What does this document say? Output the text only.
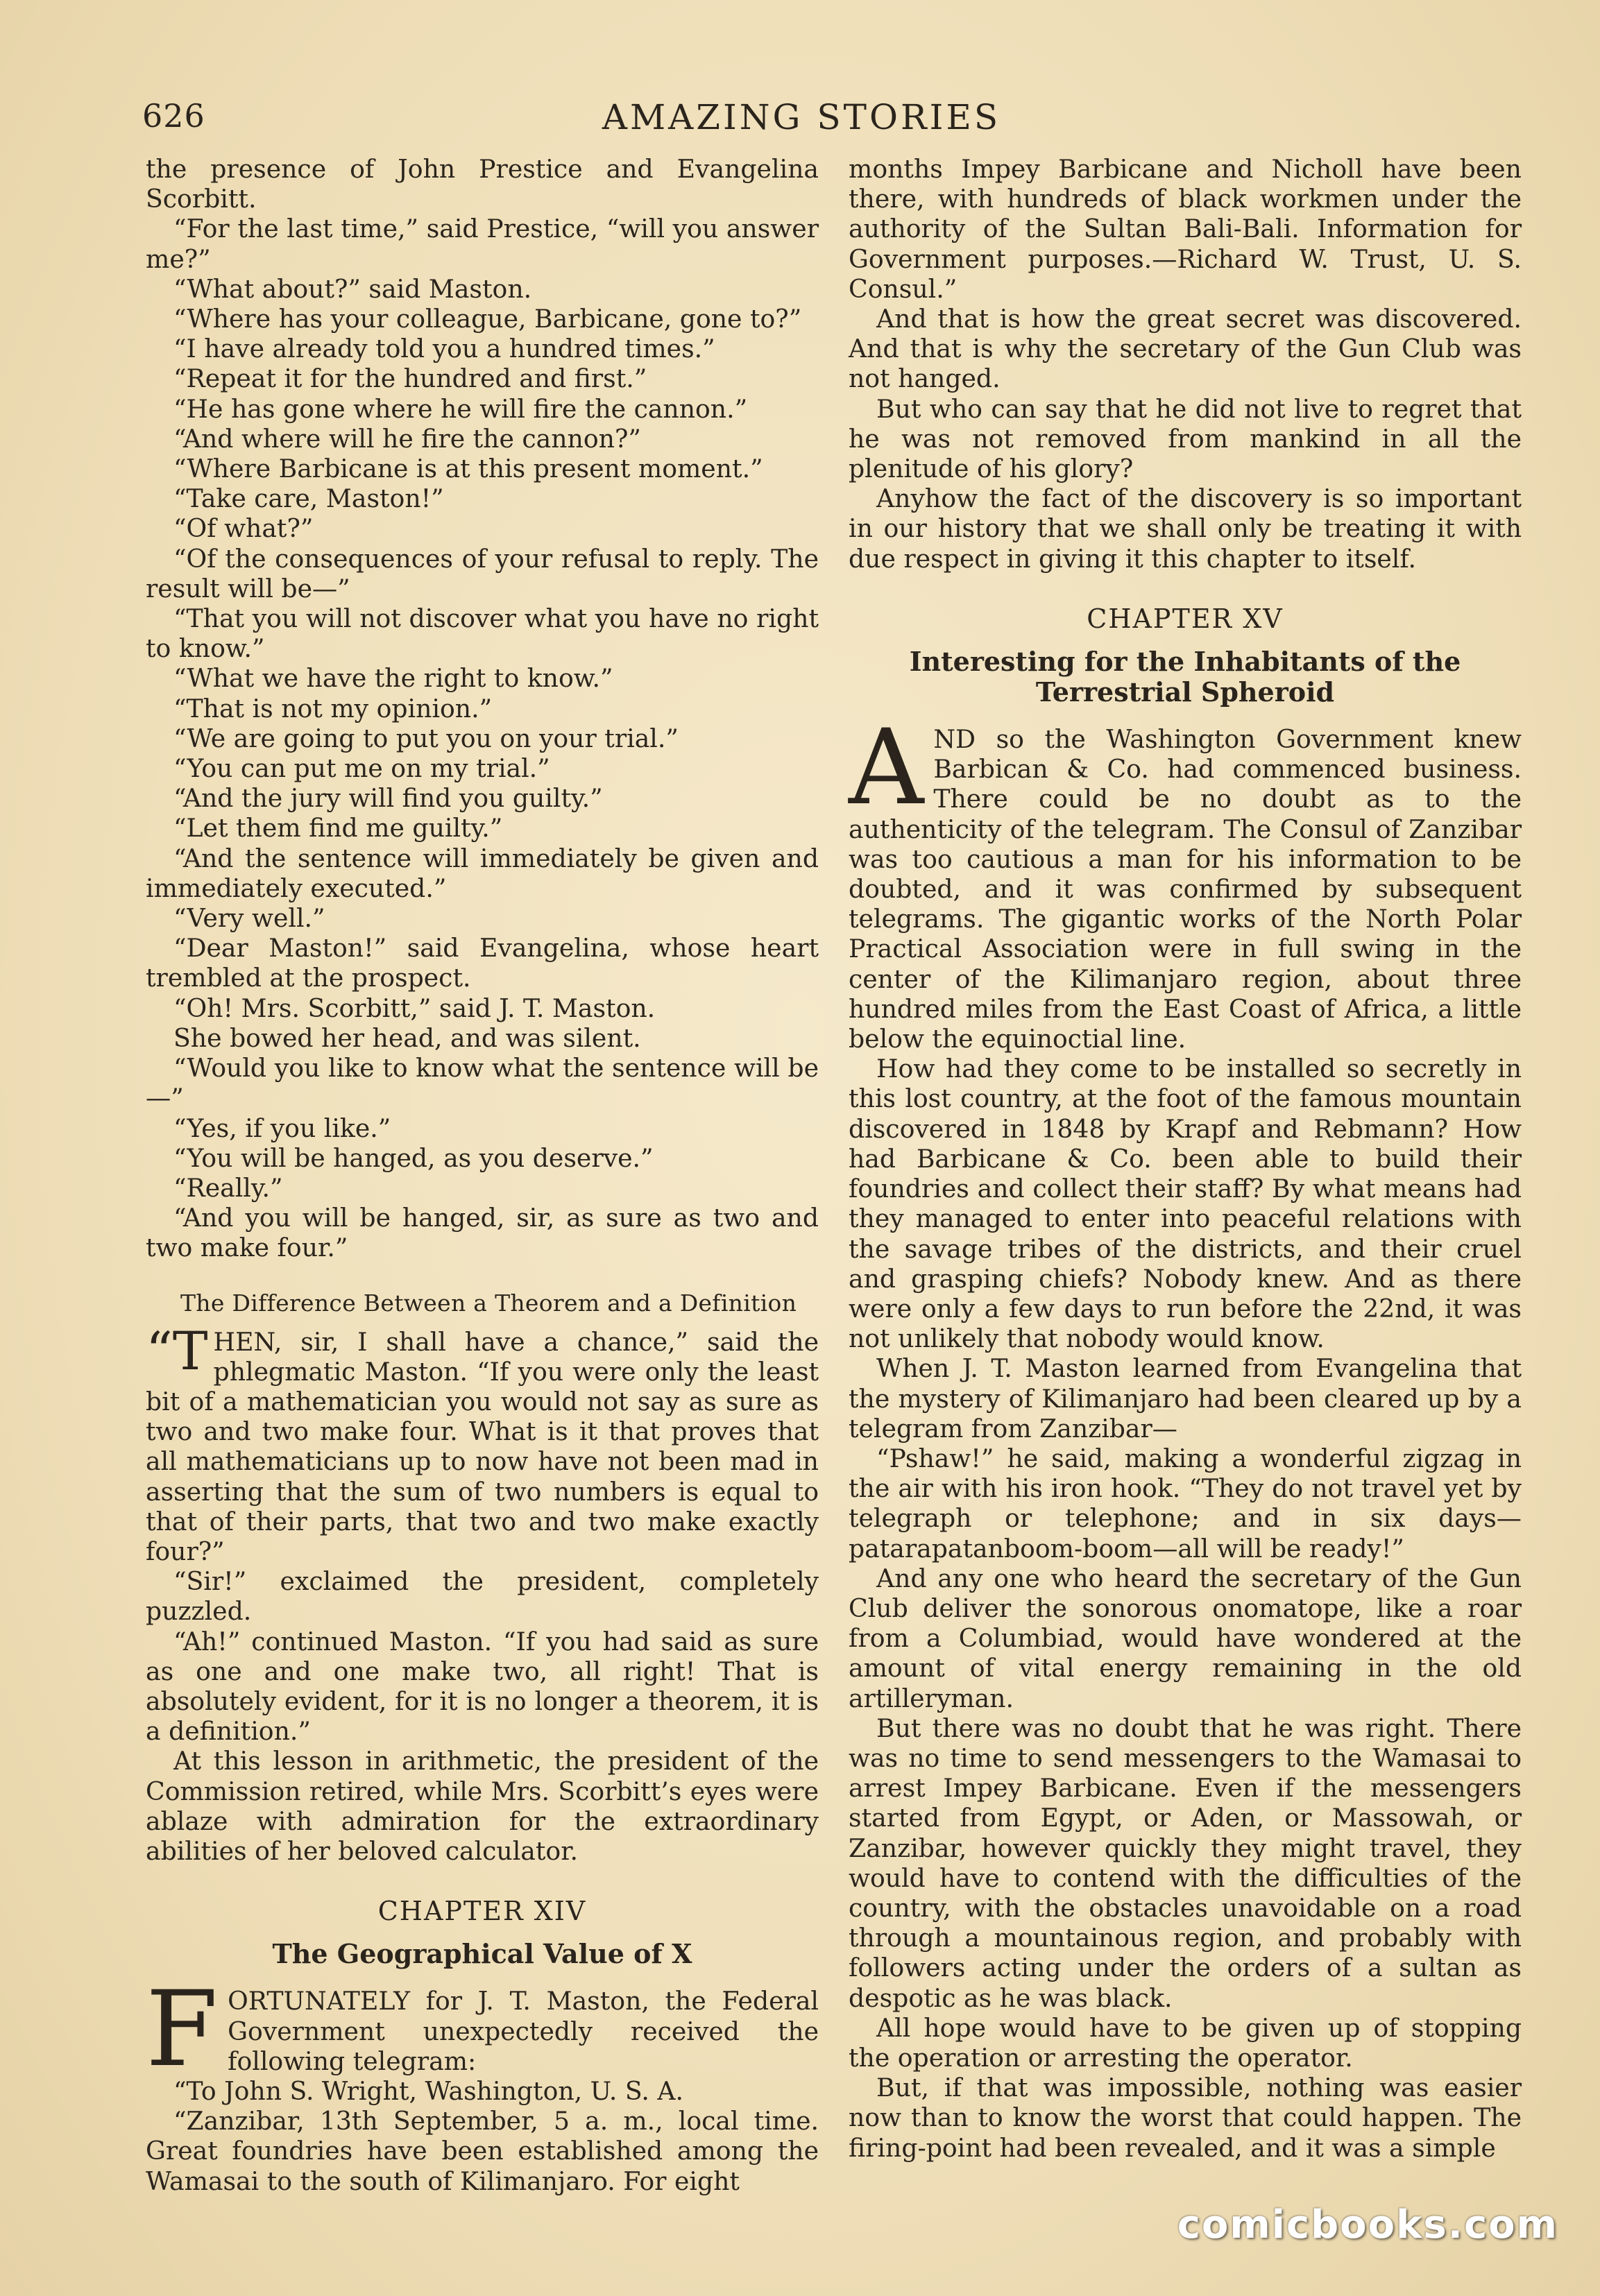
626	AMAZING STORIES

the presence of John Prestice and Evangelina Scorbitt.

“For the last time,” said Prestice, “will you answer me?”

“What about?” said Maston.

“Where has your colleague, Barbicane, gone to?”

“I have already told you a hundred times.”

“Repeat it for the hundred and first.”

“He has gone where he will fire the cannon.”

“And where will he fire the cannon?”

“Where Barbicane is at this present moment.”

“Take care, Maston!”

“Of what?”

“Of the consequences of your refusal to reply. The result will be—”

“That you will not discover what you have no right to know.”

“What we have the right to know.”

“That is not my opinion.”

“We are going to put you on your trial.”

“You can put me on my trial.”

“And the jury will find you guilty.”

“Let them find me guilty.”

“And the sentence will immediately be given and immediately executed.”

“Very well.”

“Dear Maston!” said Evangelina, whose heart trembled at the prospect.

“Oh! Mrs. Scorbitt,” said J. T. Maston.

She bowed her head, and was silent.

“Would you like to know what the sentence will be—”

“Yes, if you like.”

“You will be hanged, as you deserve.”

“Really.”

“And you will be hanged, sir, as sure as two and two make four.”

The Difference Between a Theorem and a Definition

“T HEN, sir, I shall have a chance,” said the phlegmatic Maston. “If you were only the least bit of a mathematician you would not say as sure as two and two make four. What is it that proves that all mathematicians up to now have not been mad in asserting that the sum of two numbers is equal to that of their parts, that two and two make exactly four?”

“Sir!” exclaimed the president, completely puzzled.

“Ah!” continued Maston. “If you had said as sure as one and one make two, all right! That is absolutely evident, for it is no longer a theorem, it is a definition.”

At this lesson in arithmetic, the president of the Commission retired, while Mrs. Scorbitt’s eyes were ablaze with admiration for the extraordinary abilities of her beloved calculator.

CHAPTER XIV
The Geographical Value of X

F ORTUNATELY for J. T. Maston, the Federal Government unexpectedly received the following telegram:

“To John S. Wright, Washington, U. S. A.

“Zanzibar, 13th September, 5 a. m., local time. Great foundries have been established among the Wamasai to the south of Kilimanjaro. For eight

months Impey Barbicane and Nicholl have been there, with hundreds of black workmen under the authority of the Sultan Bali-Bali. Information for Government purposes.—Richard W. Trust, U. S. Consul.”

And that is how the great secret was discovered. And that is why the secretary of the Gun Club was not hanged.

But who can say that he did not live to regret that he was not removed from mankind in all the plenitude of his glory?

Anyhow the fact of the discovery is so important in our history that we shall only be treating it with due respect in giving it this chapter to itself.

CHAPTER XV
Interesting for the Inhabitants of the Terrestrial Spheroid

A ND so the Washington Government knew Barbican & Co. had commenced business. There could be no doubt as to the authenticity of the telegram. The Consul of Zanzibar was too cautious a man for his information to be doubted, and it was confirmed by subsequent telegrams. The gigantic works of the North Polar Practical Association were in full swing in the center of the Kilimanjaro region, about three hundred miles from the East Coast of Africa, a little below the equinoctial line.

How had they come to be installed so secretly in this lost country, at the foot of the famous mountain discovered in 1848 by Krapf and Rebmann? How had Barbicane & Co. been able to build their foundries and collect their staff? By what means had they managed to enter into peaceful relations with the savage tribes of the districts, and their cruel and grasping chiefs? Nobody knew. And as there were only a few days to run before the 22nd, it was not unlikely that nobody would know.

When J. T. Maston learned from Evangelina that the mystery of Kilimanjaro had been cleared up by a telegram from Zanzibar—

“Pshaw!” he said, making a wonderful zigzag in the air with his iron hook. “They do not travel yet by telegraph or telephone; and in six days—patarapatanboom-boom—all will be ready!”

And any one who heard the secretary of the Gun Club deliver the sonorous onomatope, like a roar from a Columbiad, would have wondered at the amount of vital energy remaining in the old artilleryman.

But there was no doubt that he was right. There was no time to send messengers to the Wamasai to arrest Impey Barbicane. Even if the messengers started from Egypt, or Aden, or Massowah, or Zanzibar, however quickly they might travel, they would have to contend with the difficulties of the country, with the obstacles unavoidable on a road through a mountainous region, and probably with followers acting under the orders of a sultan as despotic as he was black.

All hope would have to be given up of stopping the operation or arresting the operator.

But, if that was impossible, nothing was easier now than to know the worst that could happen. The firing-point had been revealed, and it was a simple

comicbooks.com
